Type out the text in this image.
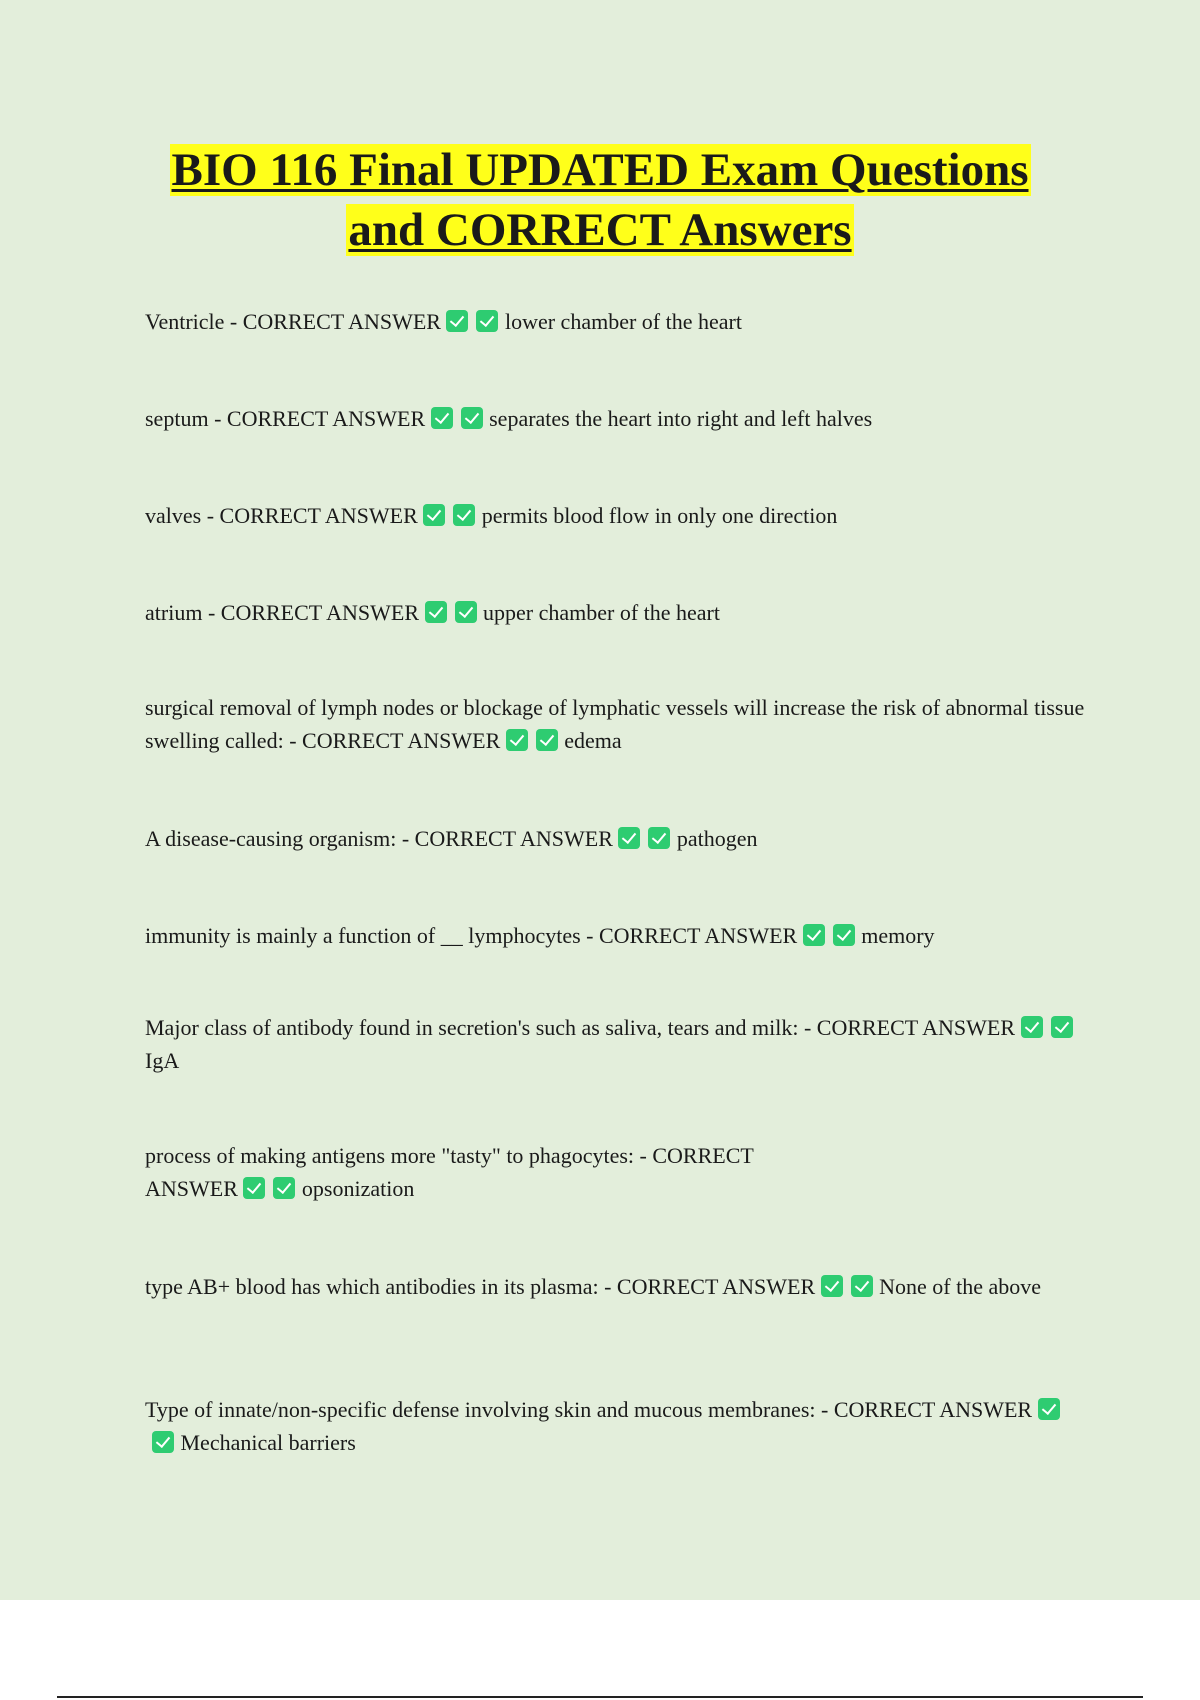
BIO 116 Final UPDATED Exam Questions
and CORRECT Answers

Ventricle - CORRECT ANSWER	lower chamber of the heart

septum - CORRECT ANSWER	separates the heart into right and left halves

valves - CORRECT ANSWER	permits blood flow in only one direction

atrium - CORRECT ANSWER	upper chamber of the heart

surgical removal of lymph nodes or blockage of lymphatic vessels will increase the risk of abnormal tissue swelling called: - CORRECT ANSWER	edema

A disease-causing organism: - CORRECT ANSWER	pathogen

immunity is mainly a function of __ lymphocytes - CORRECT ANSWER	memory

Major class of antibody found in secretion's such as saliva, tears and milk: - CORRECT ANSWER  IgA

process of making antigens more "tasty" to phagocytes: - CORRECT ANSWER	opsonization

type AB+ blood has which antibodies in its plasma: - CORRECT ANSWER	None of the above

Type of innate/non-specific defense involving skin and mucous membranes: - CORRECT ANSWER  Mechanical barriers
